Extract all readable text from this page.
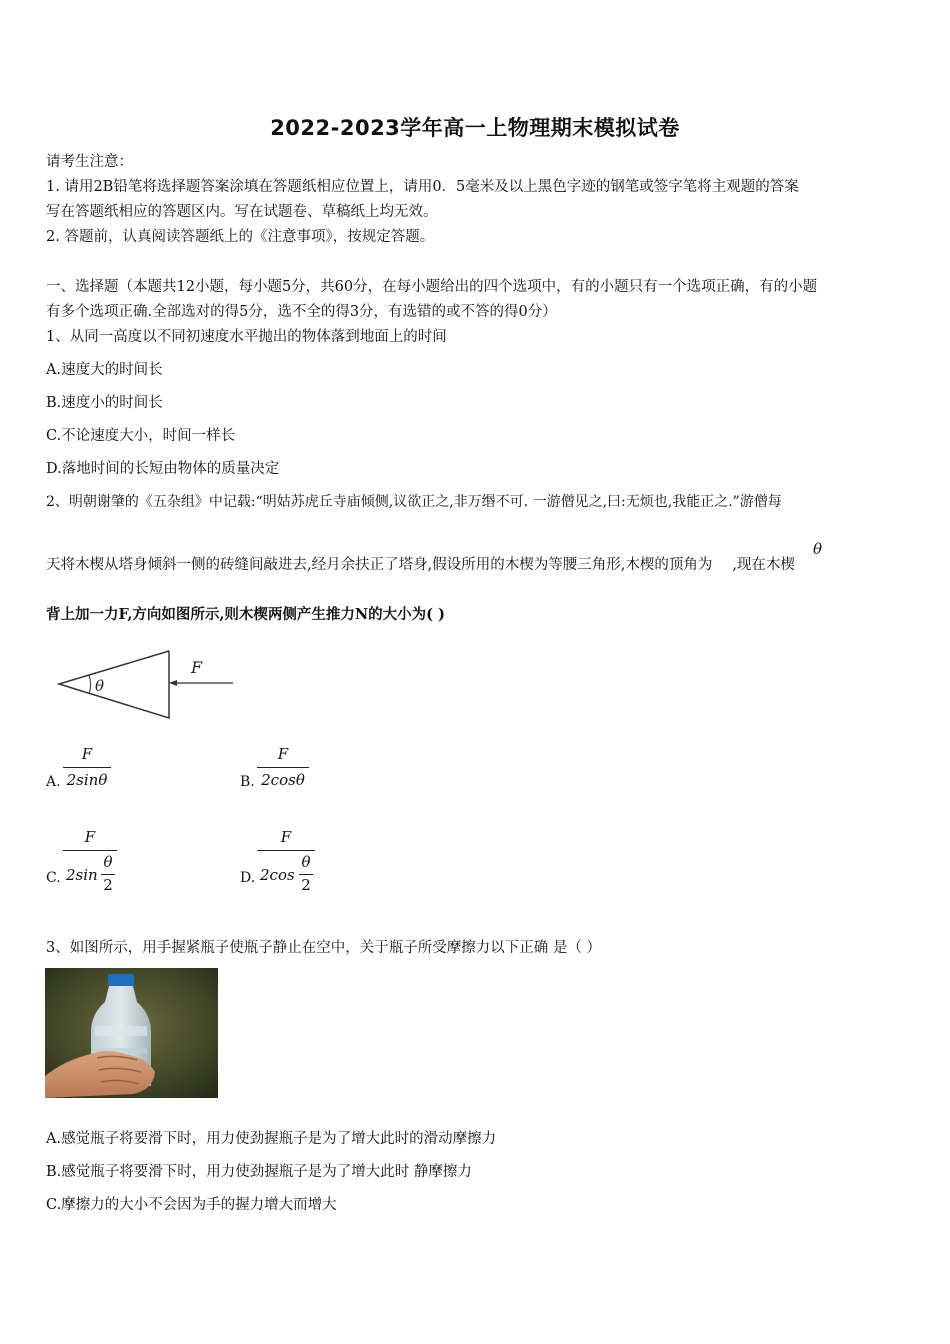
2022-2023学年高一上物理期末模拟试卷
请考生注意：
1. 请用2B铅笔将选择题答案涂填在答题纸相应位置上，请用0．5毫米及以上黑色字迹的钢笔或签字笔将主观题的答案
写在答题纸相应的答题区内。写在试题卷、草稿纸上均无效。
2. 答题前，认真阅读答题纸上的《注意事项》，按规定答题。
一、选择题（本题共12小题，每小题5分，共60分，在每小题给出的四个选项中，有的小题只有一个选项正确，有的小题
有多个选项正确.全部选对的得5分，选不全的得3分，有选错的或不答的得0分）
1、从同一高度以不同初速度水平抛出的物体落到地面上的时间
A.速度大的时间长
B.速度小的时间长
C.不论速度大小，时间一样长
D.落地时间的长短由物体的质量决定
2、明朝谢肇的《五杂组》中记载:“明姑苏虎丘寺庙倾侧,议欲正之,非万缗不可. 一游僧见之,曰:无烦也,我能正之.”游僧每
天将木楔从塔身倾斜一侧的砖缝间敲进去,经月余扶正了塔身,假设所用的木楔为等腰三角形,木楔的顶角为 ,现在木楔
θ
背上加一力F,方向如图所示,则木楔两侧产生推力N的大小为( )
F
θ
A.
F
2sinθ	B.
F
2cosθ
C.
F
2sin
θ
2	D.
F
2cos
θ
2
3、如图所示，用手握紧瓶子使瓶子静止在空中，关于瓶子所受摩擦力以下正确 是（ ）
A.感觉瓶子将要滑下时，用力使劲握瓶子是为了增大此时的滑动摩擦力
B.感觉瓶子将要滑下时，用力使劲握瓶子是为了增大此时 静摩擦力
C.摩擦力的大小不会因为手的握力增大而增大
